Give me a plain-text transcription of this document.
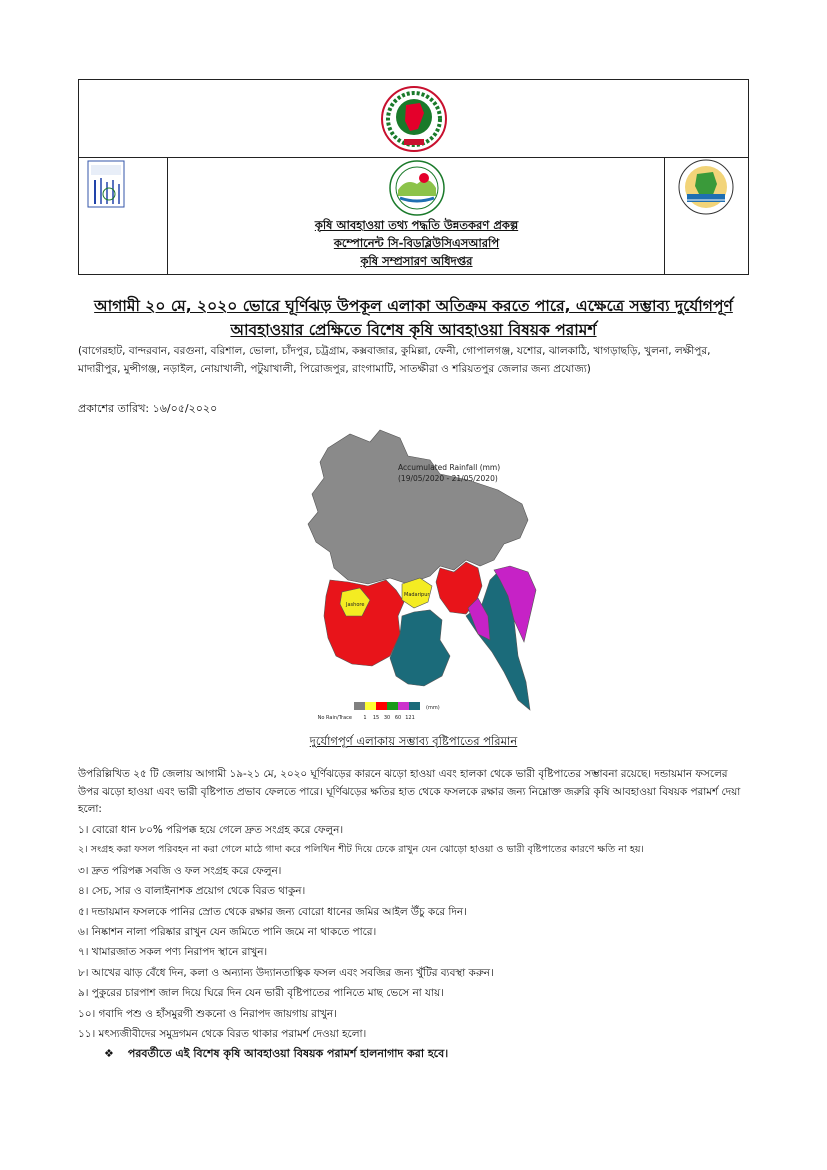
কৃষি আবহাওয়া তথ্য পদ্ধতি উন্নতকরণ প্রকল্প
কম্পোনেন্ট সি-বিডব্লিউসিএসআরপি
কৃষি সম্প্রসারণ অধিদপ্তর
আগামী ২০ মে, ২০২০ ভোরে ঘূর্ণিঝড় উপকূল এলাকা অতিক্রম করতে পারে, এক্ষেত্রে সম্ভাব্য দুর্যোগপূর্ণ
আবহাওয়ার প্রেক্ষিতে বিশেষ কৃষি আবহাওয়া বিষয়ক পরামর্শ
(বাগেরহাট, বান্দরবান, বরগুনা, বরিশাল, ভোলা, চাঁদপুর, চট্রগ্রাম, কক্সবাজার, কুমিল্লা, ফেনী, গোপালগঞ্জ, যশোর, ঝালকাঠি, খাগড়াছড়ি, খুলনা, লক্ষীপুর, মাদারীপুর, মুন্সীগঞ্জ, নড়াইল, নোয়াখালী, পটুয়াখালী, পিরোজপুর, রাংগামাটি, সাতক্ষীরা ও শরিয়তপুর জেলার জন্য প্রযোজ্য)
প্রকাশের তারিখ: ১৬/০৫/২০২০
Accumulated Rainfall (mm)
(19/05/2020 - 21/05/2020)
Jashore
Madaripur
No Rain/Trace 1 15 30 60 121
(mm)
দুর্যোগপূর্ণ এলাকায় সম্ভাব্য বৃষ্টিপাতের পরিমান
উপরিল্লিখিত ২৫ টি জেলায় আগামী ১৯-২১ মে, ২০২০ ঘূর্ণিঝড়ের কারনে ঝড়ো হাওয়া এবং হালকা থেকে ভারী বৃষ্টিপাতের সম্ভাবনা রয়েছে। দন্ডায়মান ফসলের উপর ঝড়ো হাওয়া এবং ভারী বৃষ্টিপাত প্রভাব ফেলতে পারে। ঘূর্ণিঝড়ের ক্ষতির হাত থেকে ফসলকে রক্ষার জন্য নিম্নোক্ত জরুরি কৃষি আবহাওয়া বিষয়ক পরামর্শ দেয়া হলো:
১। বোরো ধান ৮০% পরিপক্ক হয়ে গেলে দ্রুত সংগ্রহ করে ফেলুন।
২। সংগ্রহ করা ফসল পরিবহন না করা গেলে মাঠে গাদা করে পলিথিন শীট দিয়ে ঢেকে রাখুন যেন ঝোড়ো হাওয়া ও ভারী বৃষ্টিপাতের কারণে ক্ষতি না হয়।
৩। দ্রুত পরিপক্ক সবজি ও ফল সংগ্রহ করে ফেলুন।
৪। সেচ, সার ও বালাইনাশক প্রয়োগ থেকে বিরত থাকুন।
৫। দন্ডায়মান ফসলকে পানির স্রোত থেকে রক্ষার জন্য বোরো ধানের জমির আইল উঁচু করে দিন।
৬। নিষ্কাশন নালা পরিষ্কার রাখুন যেন জমিতে পানি জমে না থাকতে পারে।
৭। খামারজাত সকল পণ্য নিরাপদ স্থানে রাখুন।
৮। আখের ঝাড় বেঁধে দিন, কলা ও অন্যান্য উদ্যানতাত্বিক ফসল এবং সবজির জন্য খুঁটির ব্যবস্থা করুন।
৯। পুকুরের চারপাশ জাল দিয়ে ঘিরে দিন যেন ভারী বৃষ্টিপাতের পানিতে মাছ ভেসে না যায়।
১০। গবাদি পশু ও হাঁসমুরগী শুকনো ও নিরাপদ জায়গায় রাখুন।
১১। মৎস্যজীবীদের সমুদ্রগমন থেকে বিরত থাকার পরামর্শ দেওয়া হলো।
❖ পরবর্তীতে এই বিশেষ কৃষি আবহাওয়া বিষয়ক পরামর্শ হালনাগাদ করা হবে।
